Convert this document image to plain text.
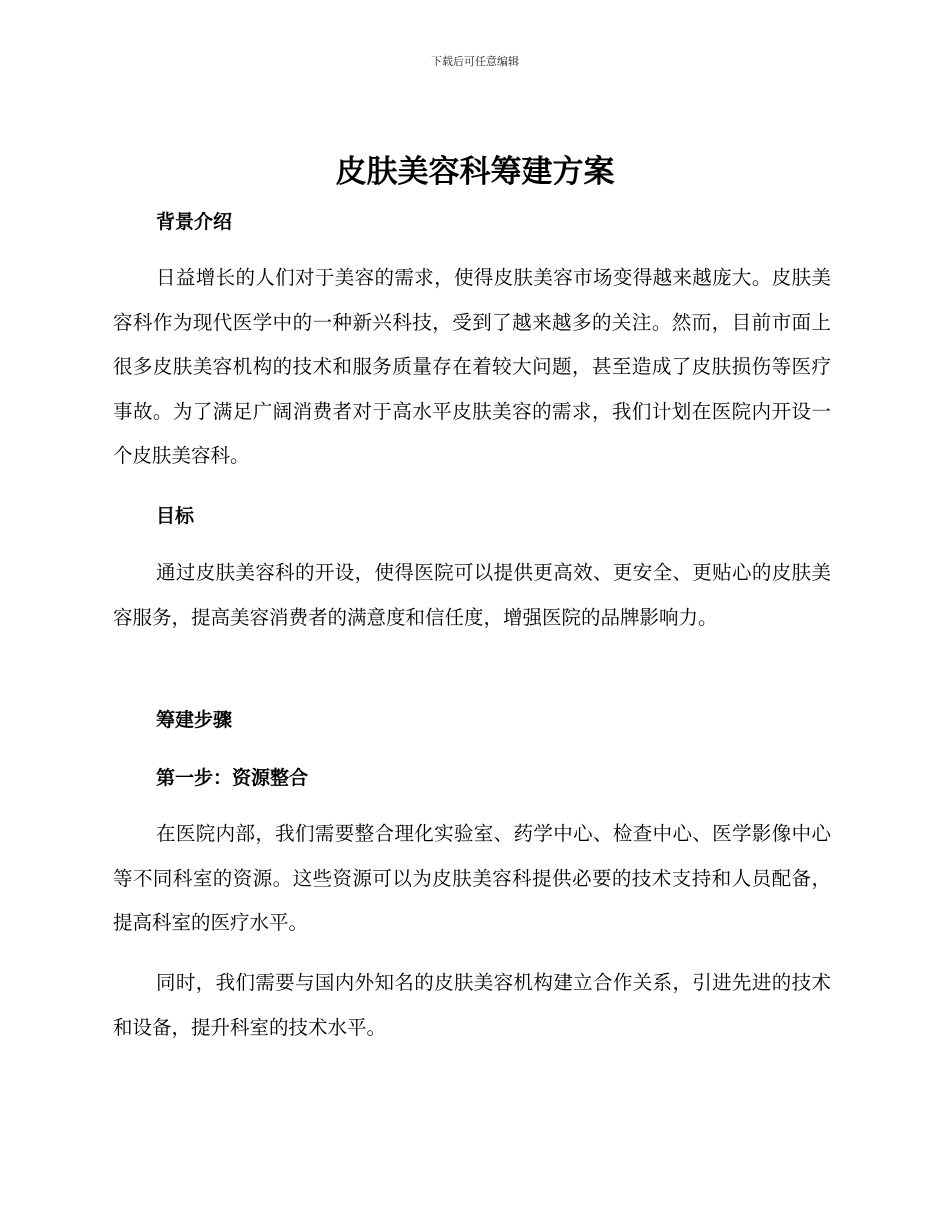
下载后可任意编辑
皮肤美容科筹建方案
背景介绍

日益增长的人们对于美容的需求，使得皮肤美容市场变得越来越庞大。皮肤美容科作为现代医学中的一种新兴科技，受到了越来越多的关注。然而，目前市面上很多皮肤美容机构的技术和服务质量存在着较大问题，甚至造成了皮肤损伤等医疗事故。为了满足广阔消费者对于高水平皮肤美容的需求，我们计划在医院内开设一个皮肤美容科。

目标

通过皮肤美容科的开设，使得医院可以提供更高效、更安全、更贴心的皮肤美容服务，提高美容消费者的满意度和信任度，增强医院的品牌影响力。

筹建步骤
第一步：资源整合

在医院内部，我们需要整合理化实验室、药学中心、检查中心、医学影像中心等不同科室的资源。这些资源可以为皮肤美容科提供必要的技术支持和人员配备，提高科室的医疗水平。

同时，我们需要与国内外知名的皮肤美容机构建立合作关系，引进先进的技术和设备，提升科室的技术水平。
